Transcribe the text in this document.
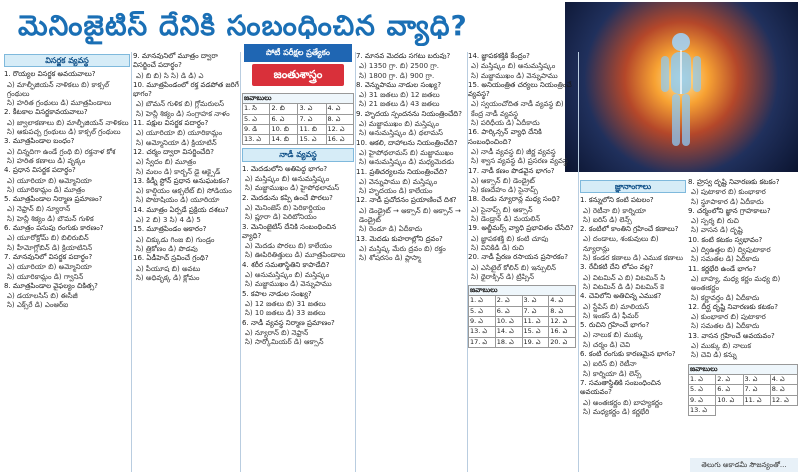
మెనింజైటిస్ దేనికి సంబంధించిన వ్యాధి?
విసర్జక వ్యవస్థ
1. రొయ్యల విసర్జక అవయవాలు?
ఎ) మాల్ఫీజియన్ నాళికలు బి) కాక్సల్ గ్రంథులు
సి) హరిత గ్రంథులు డి) మూత్రపిండాలు
2. కీటకాల విసర్జకావయవాలు?
ఎ) జ్వాలాకణాలు బి) మాల్ఫీజియన్ నాళికలు
సి) ఆకుపచ్చ గ్రంథులు డి) కాక్సల్ గ్రంథులు
3. మూత్రపిండాల బంధం?
ఎ) చిన్నదిగా ఉండే గ్రంథి బి) రక్తనాళ కోశ
సి) హరిత కణాలు డి) వృక్కం
4. ప్రధాన విసర్జక పదార్థం?
ఎ) యూరియా బి) అమ్మోనియా
సి) యూరికామ్లం డి) మూత్రం
5. మూత్రపిండాల నిర్మాణ ప్రమాణం?
ఎ) నెఫ్రాన్ బి) న్యూరాన్
సి) హెన్లీ శిక్యం డి) బౌమన్ గుళిక
6. మూత్రం పసుపు రంగుకు కారణం?
ఎ) యూరోక్రోమ్ బి) బిలిరుబిన్
సి) హీమోగ్లోబిన్ డి) క్రియాటినిన్
7. మానవునిలో విసర్జక పదార్థం?
ఎ) యూరియా బి) అమ్మోనియా
సి) యూరికామ్లం డి) గ్వానిన్
8. మూత్రపిండాల వైఫల్యం చికిత్స?
ఎ) డయాలసిస్ బి) ఈసీజీ
సి) ఎక్స్‌రే డి) ఎంఆర్ఐ
9. మానవునిలో మూత్రం ద్వారా విసర్జించే పదార్థం?
ఎ) బి బి) సి సి) డి డి) ఎ
10. మూత్రపిండంలో రక్త వడపోత జరిగే భాగం?
ఎ) బౌమన్ గుళిక బి) గ్లోమరులస్
సి) హెన్లీ శిక్యం డి) సంగ్రాహక నాళం
11. పక్షుల విసర్జక పదార్థం?
ఎ) యూరియా బి) యూరికామ్లం
సి) అమ్మోనియా డి) క్రియాటిన్
12. చర్మం ద్వారా విసర్జించేది?
ఎ) స్వేదం బి) మూత్రం
సి) మలం డి) కార్బన్ డై ఆక్సైడ్
13. కిడ్నీ స్టోన్ ప్రధాన అనుఘటకం?
ఎ) కాల్షియం ఆక్సలేట్ బి) సోడియం
సి) పొటాషియం డి) యూరియా
14. మూత్రం ఏర్పడే ప్రక్రియ దశలు?
ఎ) 2 బి) 3 సి) 4 డి) 5
15. మూత్రపిండం ఆకారం?
ఎ) చిక్కుడు గింజ బి) గుండ్రం
సి) త్రికోణం డి) పొడవు
16. ఏడీహెచ్ స్రవించే గ్రంథి?
ఎ) పీయూష బి) అవటు
సి) అధివృక్క డి) క్లోమం
పోటీ పరీక్షల ప్రత్యేకం
జంతుశాస్త్రం
జవాబులు			
1. సి	2. బి	3. ఎ	4. ఎ
5. ఎ	6. ఎ	7. ఎ	8. ఎ
9. డి	10. బి	11. బి	12. ఎ
13. ఎ	14. బి	15. ఎ	16. ఎ
నాడీ వ్యవస్థ
1. మెదడులోని అతిపెద్ద భాగం?
ఎ) మస్తిష్కం బి) అనుమస్తిష్కం
సి) మజ్జాముఖం డి) హైపోథలామస్
2. మెదడును కప్పి ఉంచే పొరలు?
ఎ) మెనింజెస్ బి) పెరికార్డియం
సి) ప్లూరా డి) పెరిటోనియం
3. మెనింజైటిస్ దేనికి సంబంధించిన వ్యాధి?
ఎ) మెదడు పొరలు బి) కాలేయం
సి) ఊపిరితిత్తులు డి) మూత్రపిండాలు
4. శరీర సమతాస్థితిని కాపాడేది?
ఎ) అనుమస్తిష్కం బి) మస్తిష్కం
సి) మజ్జాముఖం డి) వెన్నుపాము
5. కపాల నాడుల సంఖ్య?
ఎ) 12 జతలు బి) 31 జతలు
సి) 10 జతలు డి) 33 జతలు
6. నాడీ వ్యవస్థ నిర్మాణ ప్రమాణం?
ఎ) న్యూరాన్ బి) నెఫ్రాన్
సి) సార్కోమియర్ డి) ఆక్సాన్
7. మానవ మెదడు సగటు బరువు?
ఎ) 1350 గ్రా. బి) 2500 గ్రా.
సి) 1800 గ్రా. డి) 900 గ్రా.
8. వెన్నుపాము నాడుల సంఖ్య?
ఎ) 31 జతలు బి) 12 జతలు
సి) 21 జతలు డి) 43 జతలు
9. హృదయ స్పందనను నియంత్రించేది?
ఎ) మజ్జాముఖం బి) మస్తిష్కం
సి) అనుమస్తిష్కం డి) థలామస్
10. ఆకలి, దాహాలను నియంత్రించేది?
ఎ) హైపోథలామస్ బి) మజ్జాముఖం
సి) అనుమస్తిష్కం డి) మధ్యమెదడు
11. ప్రతిచర్యలను నియంత్రించేది?
ఎ) వెన్నుపాము బి) మస్తిష్కం
సి) హృదయం డి) కాలేయం
12. నాడీ ప్రచోదనం ప్రయాణించే దిశ?
ఎ) డెండ్రైట్ → ఆక్సాన్ బి) ఆక్సాన్ → డెండ్రైట్
సి) రెండూ డి) ఏదీకాదు
13. మెదడు కుహరాల్లోని ద్రవం?
ఎ) మస్తిష్క మేరు ద్రవం బి) రక్తం
సి) శోషరసం డి) ప్లాస్మా
14. జ్ఞాపకశక్తికి కేంద్రం?
ఎ) మస్తిష్కం బి) అనుమస్తిష్కం
సి) మజ్జాముఖం డి) వెన్నుపాము
15. అనియంత్రిత చర్యలు నియంత్రించే వ్యవస్థ?
ఎ) స్వయంచోదిత నాడీ వ్యవస్థ బి) కేంద్ర నాడీ వ్యవస్థ
సి) పరిధీయ డి) ఏదీకాదు
16. పార్కిన్సన్ వ్యాధి దేనికి సంబంధించింది?
ఎ) నాడీ వ్యవస్థ బి) జీర్ణ వ్యవస్థ
సి) శ్వాస వ్యవస్థ డి) ప్రసరణ వ్యవస్థ
17. నాడీ కణం పొడవైన భాగం?
ఎ) ఆక్సాన్ బి) డెండ్రైట్
సి) కణదేహం డి) సైనాప్స్
18. రెండు న్యూరాన్ల మధ్య సంధి?
ఎ) సైనాప్స్ బి) ఆక్సాన్
సి) డెండ్రాన్ డి) మయలిన్
19. అల్జీమర్స్ వ్యాధి ప్రభావితం చేసేది?
ఎ) జ్ఞాపకశక్తి బి) కంటి చూపు
సి) వినికిడి డి) రుచి
20. నాడీ ప్రేరణ రసాయన ప్రసారకం?
ఎ) ఎసిటైల్ కోలిన్ బి) ఇన్సులిన్
సి) థైరాక్సిన్ డి) ట్రిప్సిన్
జవాబులు			
1. ఎ	2. ఎ	3. ఎ	4. ఎ
5. ఎ	6. ఎ	7. ఎ	8. ఎ
9. ఎ	10. ఎ	11. ఎ	12. ఎ
13. ఎ	14. ఎ	15. ఎ	16. ఎ
17. ఎ	18. ఎ	19. ఎ	20. ఎ
జ్ఞానాంగాలు
1. కన్నులోని కంటి పటలం?
ఎ) రెటీనా బి) కార్నియా
సి) ఐరిస్ డి) లెన్స్
2. కంటిలో కాంతిని గ్రహించే కణాలు?
ఎ) దండాలు, శంకువులు బి) న్యూరాన్లు
సి) కండర కణాలు డి) ఎముక కణాలు
3. రేచీకటి దేని లోపం వల్ల?
ఎ) విటమిన్ ఎ బి) విటమిన్ సి
సి) విటమిన్ డి డి) విటమిన్ కె
4. చెవిలోని అతిచిన్న ఎముక?
ఎ) స్టేపిస్ బి) మాలియస్
సి) ఇంకస్ డి) ఫీమర్
5. రుచిని గ్రహించే భాగం?
ఎ) నాలుక బి) ముక్కు
సి) చర్మం డి) చెవి
6. కంటి రంగుకు కారణమైన భాగం?
ఎ) ఐరిస్ బి) రెటీనా
సి) కార్నియా డి) లెన్స్
7. సమతాస్థితికి సంబంధించిన అవయవం?
ఎ) అంతఃకర్ణం బి) బాహ్యకర్ణం
సి) మధ్యకర్ణం డి) కర్ణభేరి
8. హ్రస్వ దృష్టి నివారణకు కటకం?
ఎ) పుటాకార బి) కుంభాకార
సి) స్థూపాకార డి) ఏదీకాదు
9. చర్మంలోని జ్ఞాన గ్రాహకాలు?
ఎ) స్పర్శ బి) రుచి
సి) వాసన డి) దృష్టి
10. కంటి కటకం స్వభావం?
ఎ) ద్విఉత్తల బి) ద్విపుటాకార
సి) సమతల డి) ఏదీకాదు
11. కర్ణభేరి ఉండే భాగం?
ఎ) బాహ్య, మధ్య కర్ణం మధ్య బి) అంతఃకర్ణం
సి) కర్ణావర్తం డి) ఏదీకాదు
12. దీర్ఘ దృష్టి నివారణకు కటకం?
ఎ) కుంభాకార బి) పుటాకార
సి) సమతల డి) ఏదీకాదు
13. వాసన గ్రహించే అవయవం?
ఎ) ముక్కు బి) నాలుక
సి) చెవి డి) కన్ను
జవాబులు			
1. ఎ	2. ఎ	3. ఎ	4. ఎ
5. ఎ	6. ఎ	7. ఎ	8. ఎ
9. ఎ	10. ఎ	11. ఎ	12. ఎ
13. ఎ			
తెలుగు అకాడమీ సౌజన్యంతో...
